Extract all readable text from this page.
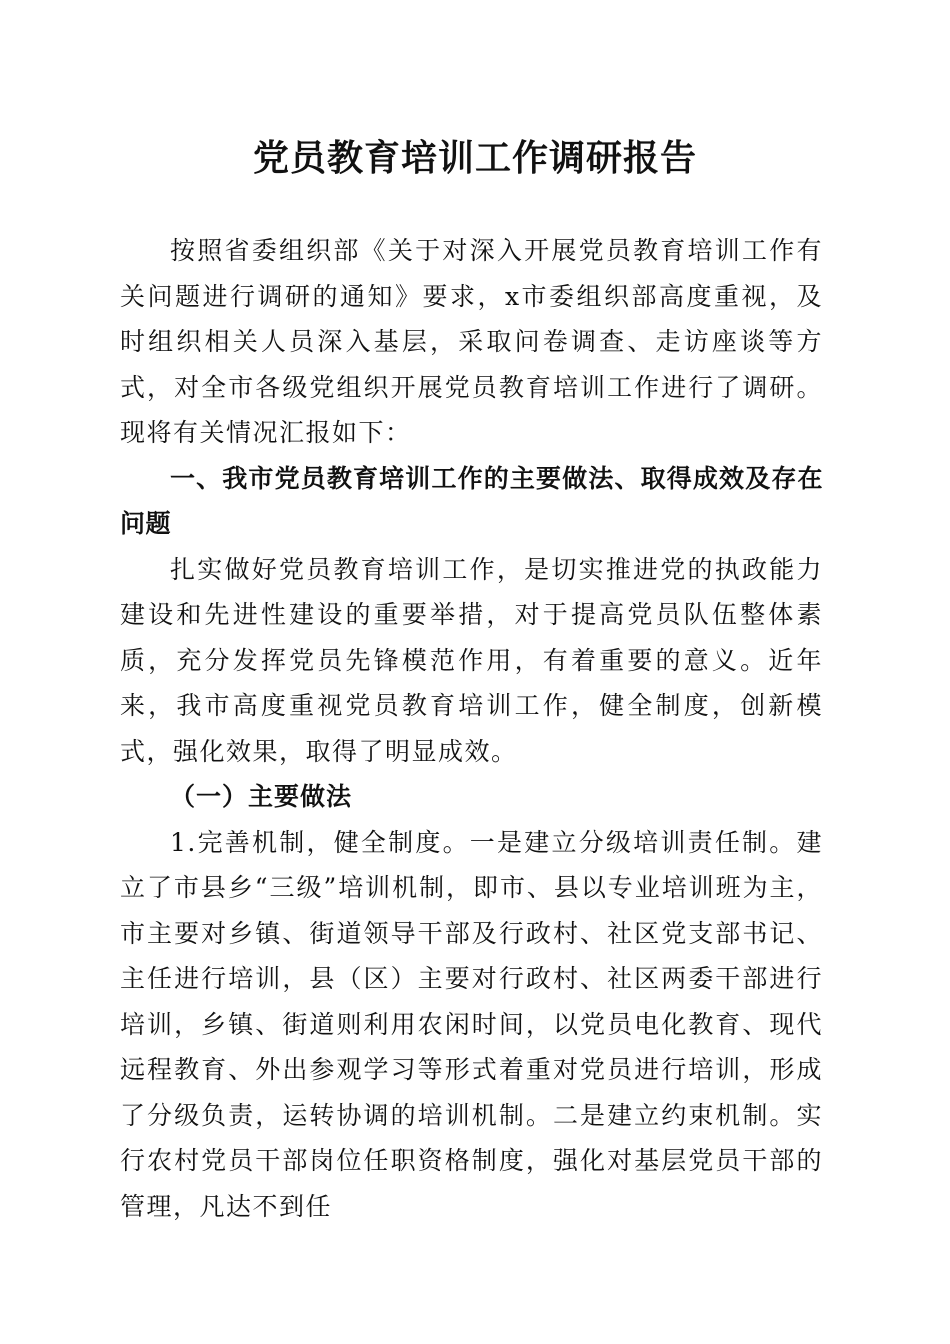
党员教育培训工作调研报告

按照省委组织部《关于对深入开展党员教育培训工作有关问题进行调研的通知》要求，x市委组织部高度重视，及时组织相关人员深入基层，采取问卷调查、走访座谈等方式，对全市各级党组织开展党员教育培训工作进行了调研。现将有关情况汇报如下：

一、我市党员教育培训工作的主要做法、取得成效及存在问题

扎实做好党员教育培训工作，是切实推进党的执政能力建设和先进性建设的重要举措，对于提高党员队伍整体素质，充分发挥党员先锋模范作用，有着重要的意义。近年来，我市高度重视党员教育培训工作，健全制度，创新模式，强化效果，取得了明显成效。

（一）主要做法

1.完善机制，健全制度。一是建立分级培训责任制。建立了市县乡“三级”培训机制，即市、县以专业培训班为主，市主要对乡镇、街道领导干部及行政村、社区党支部书记、主任进行培训，县（区）主要对行政村、社区两委干部进行培训，乡镇、街道则利用农闲时间，以党员电化教育、现代远程教育、外出参观学习等形式着重对党员进行培训，形成了分级负责，运转协调的培训机制。二是建立约束机制。实行农村党员干部岗位任职资格制度，强化对基层党员干部的管理，凡达不到任
